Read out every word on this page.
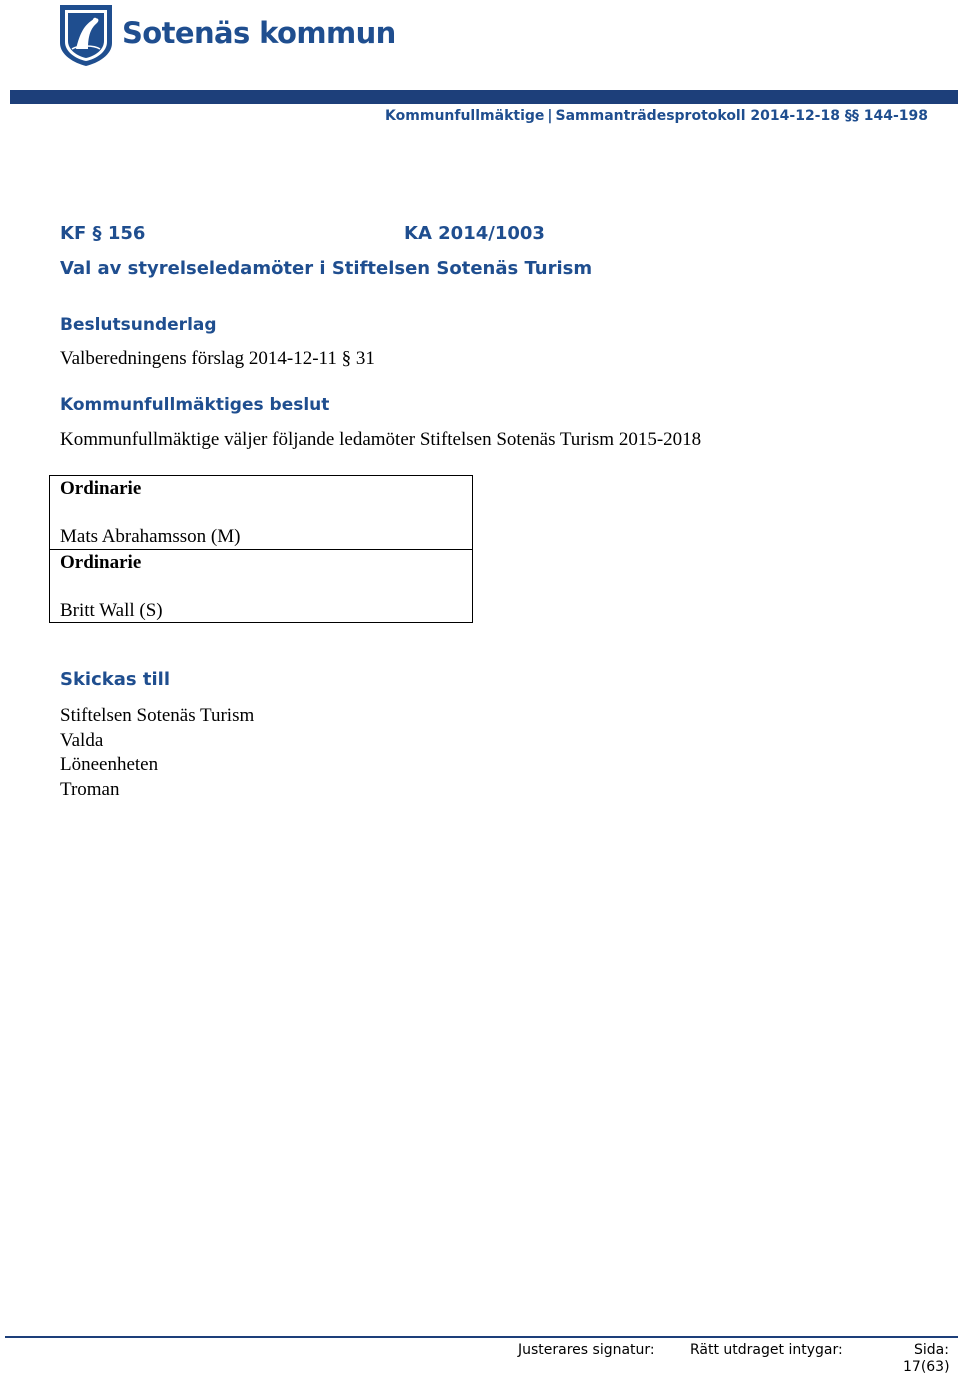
Sotenäs kommun
Kommunfullmäktige | Sammanträdesprotokoll 2014-12-18 §§ 144-198
KF § 156	KA 2014/1003
Val av styrelseledamöter i Stiftelsen Sotenäs Turism
Beslutsunderlag
Valberedningens förslag 2014-12-11 § 31
Kommunfullmäktiges beslut
Kommunfullmäktige väljer följande ledamöter Stiftelsen Sotenäs Turism 2015-2018
Ordinarie
Mats Abrahamsson (M)
Ordinarie
Britt Wall (S)
Skickas till
Stiftelsen Sotenäs Turism
Valda
Löneenheten
Troman
Justerares signatur:	Rätt utdraget intygar:	Sida:
17(63)
